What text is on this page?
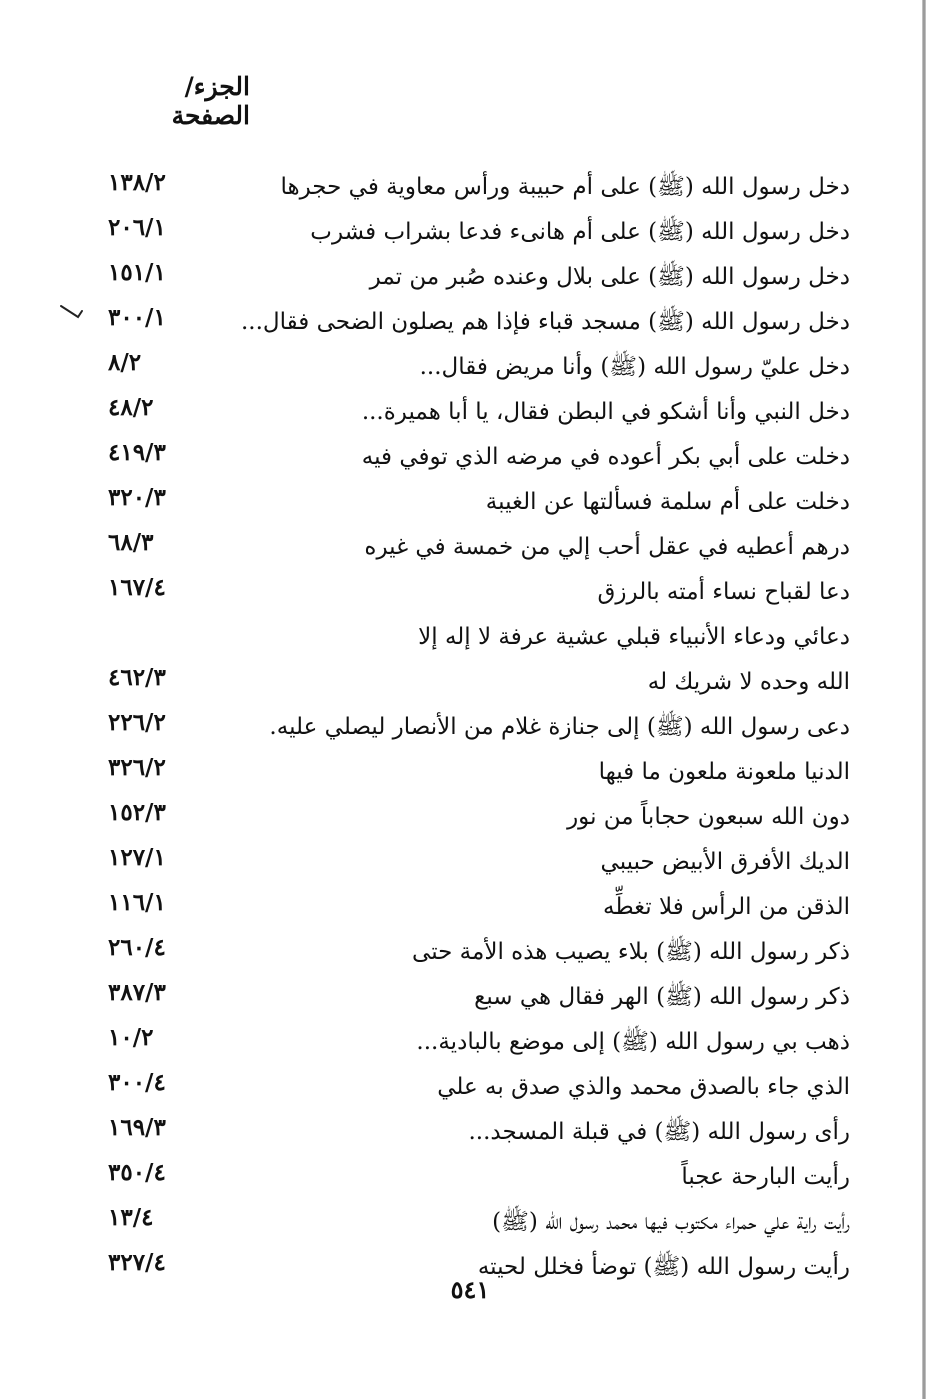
الجزء/ الصفحة
دخل رسول الله (ﷺ) على أم حبيبة ورأس معاوية في حجرها
١٣٨/٢
دخل رسول الله (ﷺ) على أم هانىء فدعا بشراب فشرب
٢٠٦/١
دخل رسول الله (ﷺ) على بلال وعنده صُبر من تمر
١٥١/١
دخل رسول الله (ﷺ) مسجد قباء فإذا هم يصلون الضحى فقال...
٣٠٠/١
دخل عليّ رسول الله (ﷺ) وأنا مريض فقال...
٨/٢
دخل النبي وأنا أشكو في البطن فقال، يا أبا هميرة...
٤٨/٢
دخلت على أبي بكر أعوده في مرضه الذي توفي فيه
٤١٩/٣
دخلت على أم سلمة فسألتها عن الغيبة
٣٢٠/٣
درهم أعطيه في عقل أحب إلي من خمسة في غيره
٦٨/٣
دعا لقباح نساء أمته بالرزق
١٦٧/٤
دعائي ودعاء الأنبياء قبلي عشية عرفة لا إله إلا
الله وحده لا شريك له
٤٦٢/٣
دعى رسول الله (ﷺ) إلى جنازة غلام من الأنصار ليصلي عليه.
٢٢٦/٢
الدنيا ملعونة ملعون ما فيها
٣٢٦/٢
دون الله سبعون حجاباً من نور
١٥٢/٣
الديك الأفرق الأبيض حبيبي
١٢٧/١
الذقن من الرأس فلا تغطِّه
١١٦/١
ذكر رسول الله (ﷺ) بلاء يصيب هذه الأمة حتى
٢٦٠/٤
ذكر رسول الله (ﷺ) الهر فقال هي سبع
٣٨٧/٣
ذهب بي رسول الله (ﷺ) إلى موضع بالبادية...
١٠/٢
الذي جاء بالصدق محمد والذي صدق به علي
٣٠٠/٤
رأى رسول الله (ﷺ) في قبلة المسجد...
١٦٩/٣
رأيت البارحة عجباً
٣٥٠/٤
رأيت راية علي حمراء مكتوب فيها محمد رسول الله (ﷺ)
١٣/٤
رأيت رسول الله (ﷺ) توضأ فخلل لحيته
٣٢٧/٤
٥٤١
